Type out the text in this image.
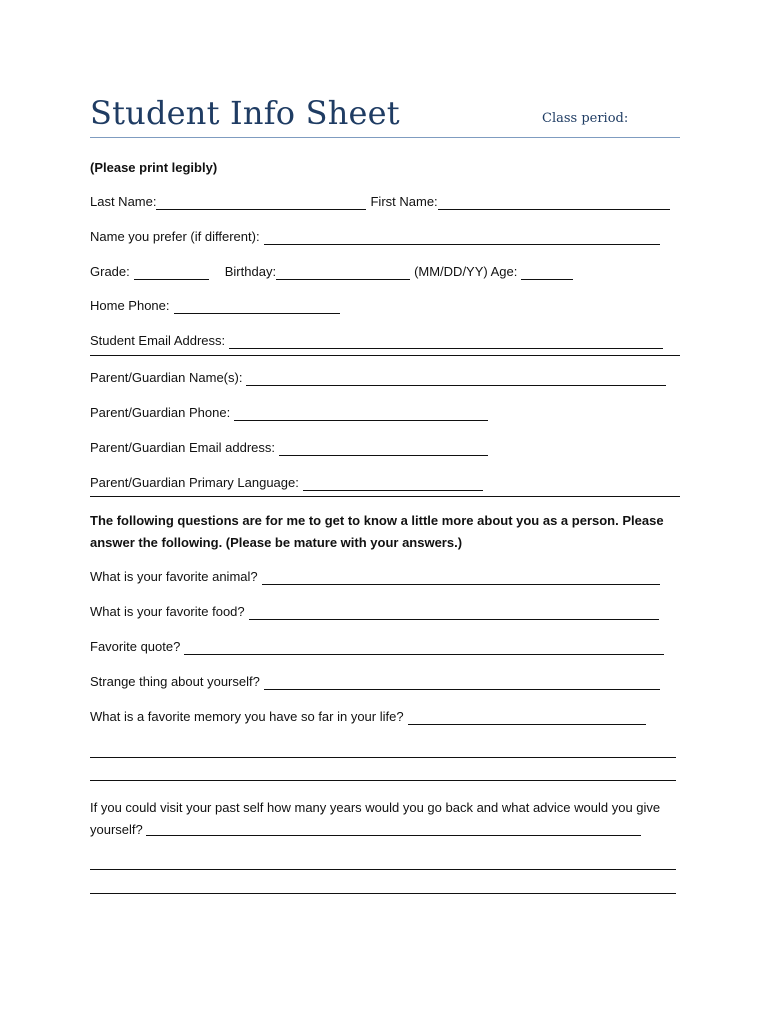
Student Info Sheet	Class period:
(Please print legibly)
Last Name:	First Name:
Name you prefer (if different):
Grade:	Birthday:	(MM/DD/YY) Age:
Home Phone:
Student Email Address:
Parent/Guardian Name(s):
Parent/Guardian Phone:
Parent/Guardian Email address:
Parent/Guardian Primary Language:
The following questions are for me to get to know a little more about you as a person. Please answer the following. (Please be mature with your answers.)
What is your favorite animal?
What is your favorite food?
Favorite quote?
Strange thing about yourself?
What is a favorite memory you have so far in your life?
If you could visit your past self how many years would you go back and what advice would you give yourself?
